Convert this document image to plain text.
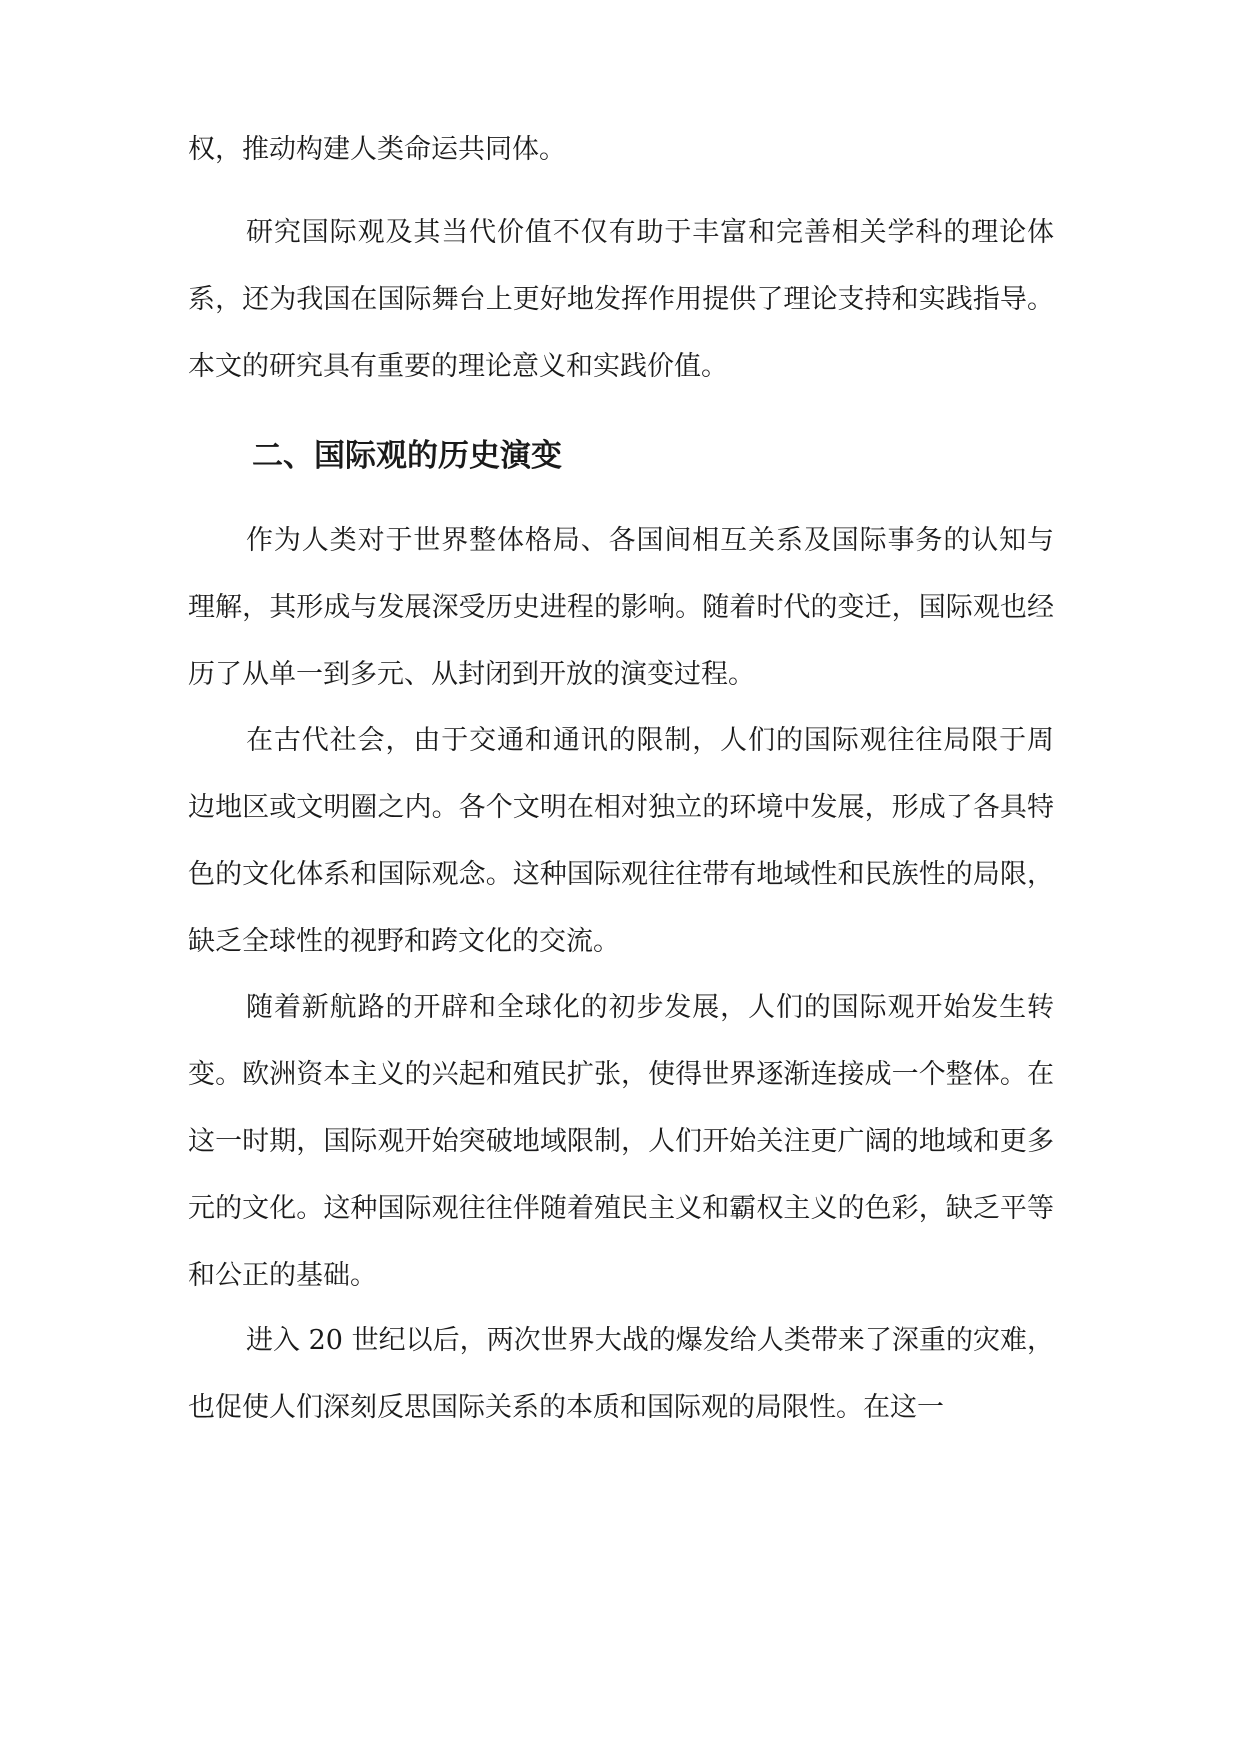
权，推动构建人类命运共同体。

研究国际观及其当代价值不仅有助于丰富和完善相关学科的理论体系，还为我国在国际舞台上更好地发挥作用提供了理论支持和实践指导。本文的研究具有重要的理论意义和实践价值。

二、国际观的历史演变

作为人类对于世界整体格局、各国间相互关系及国际事务的认知与理解，其形成与发展深受历史进程的影响。随着时代的变迁，国际观也经历了从单一到多元、从封闭到开放的演变过程。

在古代社会，由于交通和通讯的限制，人们的国际观往往局限于周边地区或文明圈之内。各个文明在相对独立的环境中发展，形成了各具特色的文化体系和国际观念。这种国际观往往带有地域性和民族性的局限，缺乏全球性的视野和跨文化的交流。

随着新航路的开辟和全球化的初步发展，人们的国际观开始发生转变。欧洲资本主义的兴起和殖民扩张，使得世界逐渐连接成一个整体。在这一时期，国际观开始突破地域限制，人们开始关注更广阔的地域和更多元的文化。这种国际观往往伴随着殖民主义和霸权主义的色彩，缺乏平等和公正的基础。

进入 20 世纪以后，两次世界大战的爆发给人类带来了深重的灾难，也促使人们深刻反思国际关系的本质和国际观的局限性。在这一
